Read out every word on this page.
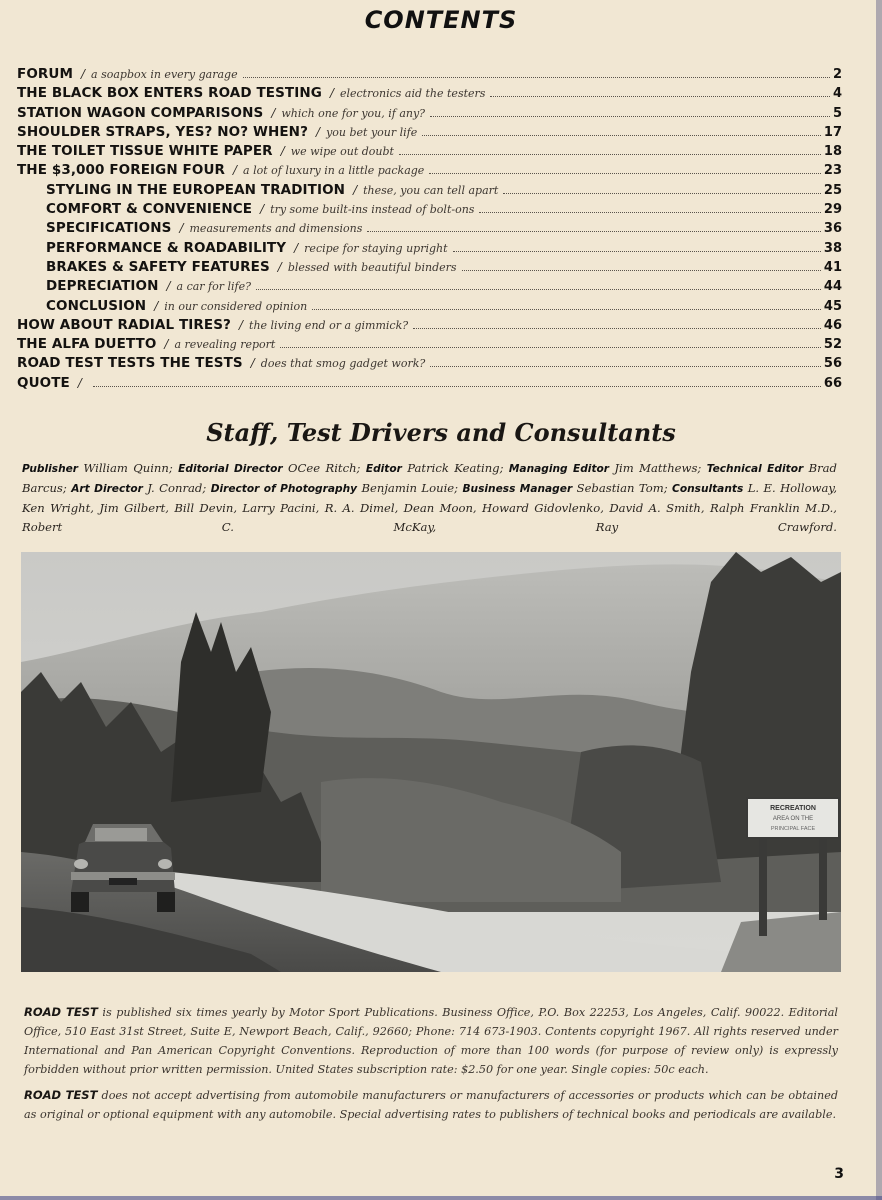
CONTENTS
FORUM / a soapbox in every garage	2
THE BLACK BOX ENTERS ROAD TESTING / electronics aid the testers	4
STATION WAGON COMPARISONS / which one for you, if any?	5
SHOULDER STRAPS, YES? NO? WHEN? / you bet your life	17
THE TOILET TISSUE WHITE PAPER / we wipe out doubt	18
THE $3,000 FOREIGN FOUR / a lot of luxury in a little package	23
STYLING IN THE EUROPEAN TRADITION / these, you can tell apart	25
COMFORT & CONVENIENCE / try some built-ins instead of bolt-ons	29
SPECIFICATIONS / measurements and dimensions	36
PERFORMANCE & ROADABILITY / recipe for staying upright	38
BRAKES & SAFETY FEATURES / blessed with beautiful binders	41
DEPRECIATION / a car for life?	44
CONCLUSION / in our considered opinion	45
HOW ABOUT RADIAL TIRES? / the living end or a gimmick?	46
THE ALFA DUETTO / a revealing report	52
ROAD TEST TESTS THE TESTS / does that smog gadget work?	56
QUOTE /	66
Staff, Test Drivers and Consultants
Publisher William Quinn; Editorial Director OCee Ritch; Editor Patrick Keating; Managing Editor Jim Matthews; Technical Editor Brad Barcus; Art Director J. Conrad; Director of Photography Benjamin Louie; Business Manager Sebastian Tom; Consultants L. E. Holloway, Ken Wright, Jim Gilbert, Bill Devin, Larry Pacini, R. A. Dimel, Dean Moon, Howard Gidovlenko, David A. Smith, Ralph Franklin M.D., Robert C. McKay, Ray Crawford.
RECREATION
AREA ON THE
PRINCIPAL FACE

ROAD TEST is published six times yearly by Motor Sport Publications. Business Office, P.O. Box 22253, Los Angeles, Calif. 90022. Editorial Office, 510 East 31st Street, Suite E, Newport Beach, Calif., 92660; Phone: 714 673-1903. Contents copyright 1967. All rights reserved under International and Pan American Copyright Conventions. Reproduction of more than 100 words (for purpose of review only) is expressly forbidden without prior written permission. United States subscription rate: $2.50 for one year. Single copies: 50c each.

ROAD TEST does not accept advertising from automobile manufacturers or manufacturers of accessories or products which can be obtained as original or optional equipment with any automobile. Special advertising rates to publishers of technical books and periodicals are available.

3
